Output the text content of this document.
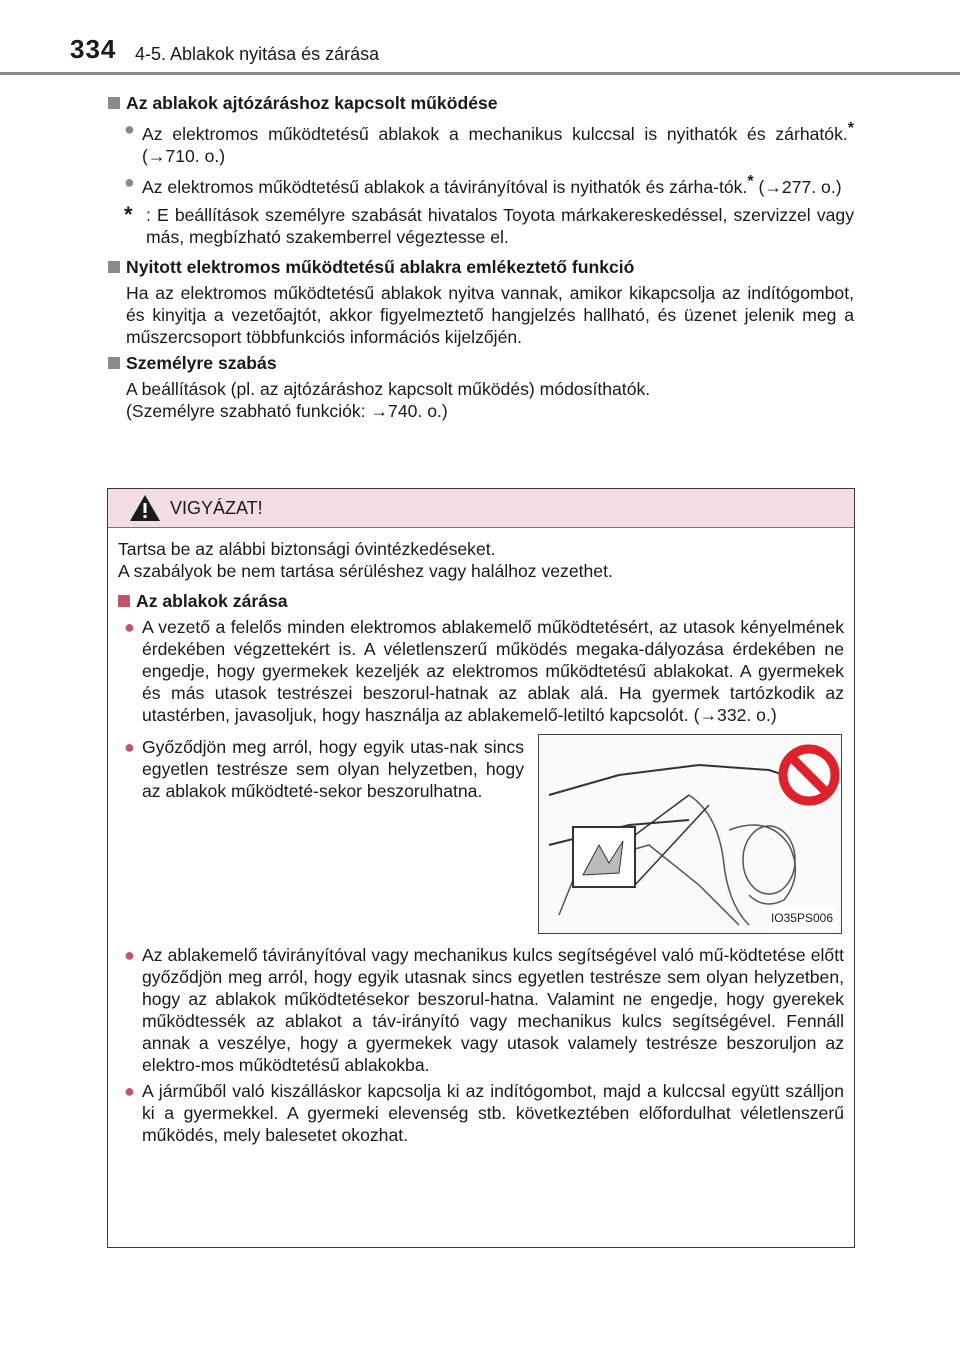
334 4-5. Ablakok nyitása és zárása
Az ablakok ajtózáráshoz kapcsolt működése
● Az elektromos működtetésű ablakok a mechanikus kulccsal is nyithatók és zárhatók.* (→710. o.)
● Az elektromos működtetésű ablakok a távirányítóval is nyithatók és zárha-tók.* (→277. o.)
* : E beállítások személyre szabását hivatalos Toyota márkakereskedéssel, szervizzel vagy más, megbízható szakemberrel végeztesse el.
Nyitott elektromos működtetésű ablakra emlékeztető funkció
Ha az elektromos működtetésű ablakok nyitva vannak, amikor kikapcsolja az indítógombot, és kinyitja a vezetőajtót, akkor figyelmeztető hangjelzés hallható, és üzenet jelenik meg a műszercsoport többfunkciós információs kijelzőjén.
Személyre szabás
A beállítások (pl. az ajtózáráshoz kapcsolt működés) módosíthatók.
(Személyre szabható funkciók: →740. o.)
VIGYÁZAT!
Tartsa be az alábbi biztonsági óvintézkedéseket.
A szabályok be nem tartása sérüléshez vagy halálhoz vezethet.
Az ablakok zárása
● A vezető a felelős minden elektromos ablakemelő működtetésért, az utasok kényelmének érdekében végzettekért is. A véletlenszerű működés megaka-dályozása érdekében ne engedje, hogy gyermekek kezeljék az elektromos működtetésű ablakokat. A gyermekek és más utasok testrészei beszorul-hatnak az ablak alá. Ha gyermek tartózkodik az utastérben, javasoljuk, hogy használja az ablakemelő-letiltó kapcsolót. (→332. o.)
● Győződjön meg arról, hogy egyik utas-nak sincs egyetlen testrésze sem olyan helyzetben, hogy az ablakok működteté-sekor beszorulhatna.
IO35PS006
● Az ablakemelő távirányítóval vagy mechanikus kulcs segítségével való mű-ködtetése előtt győződjön meg arról, hogy egyik utasnak sincs egyetlen testrésze sem olyan helyzetben, hogy az ablakok működtetésekor beszorul-hatna. Valamint ne engedje, hogy gyerekek működtessék az ablakot a táv-irányító vagy mechanikus kulcs segítségével. Fennáll annak a veszélye, hogy a gyermekek vagy utasok valamely testrésze beszoruljon az elektro-mos működtetésű ablakokba.
● A járműből való kiszálláskor kapcsolja ki az indítógombot, majd a kulccsal együtt szálljon ki a gyermekkel. A gyermeki elevenség stb. következtében előfordulhat véletlenszerű működés, mely balesetet okozhat.
